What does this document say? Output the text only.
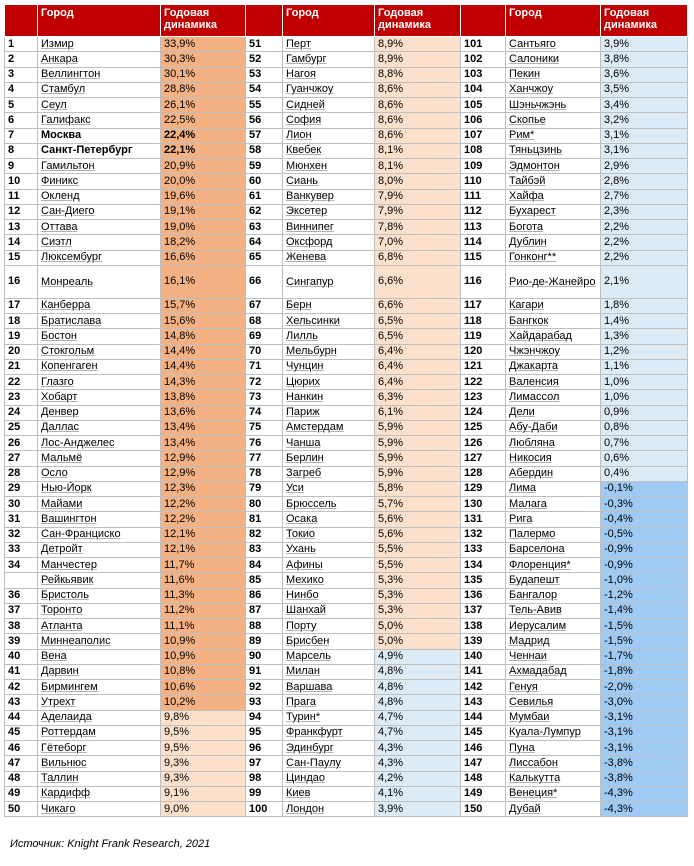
	Город	Годовая динамика		Город	Годовая динамика		Город	Годовая динамика
1	Измир	33,9%	51	Перт	8,9%	101	Сантьяго	3,9%
2	Анкара	30,3%	52	Гамбург	8,9%	102	Салоники	3,8%
3	Веллингтон	30,1%	53	Нагоя	8,8%	103	Пекин	3,6%
4	Стамбул	28,8%	54	Гуанчжоу	8,6%	104	Ханчжоу	3,5%
5	Сеул	26,1%	55	Сидней	8,6%	105	Шэньчжэнь	3,4%
6	Галифакс	22,5%	56	София	8,6%	106	Скопье	3,2%
7	Москва	22,4%	57	Лион	8,6%	107	Рим*	3,1%
8	Санкт-Петербург	22,1%	58	Квебек	8,1%	108	Тяньцзинь	3,1%
9	Гамильтон	20,9%	59	Мюнхен	8,1%	109	Эдмонтон	2,9%
10	Финикс	20,0%	60	Сиань	8,0%	110	Тайбэй	2,8%
11	Окленд	19,6%	61	Ванкувер	7,9%	111	Хайфа	2,7%
12	Сан-Диего	19,1%	62	Эксетер	7,9%	112	Бухарест	2,3%
13	Оттава	19,0%	63	Виннипег	7,8%	113	Богота	2,2%
14	Сиэтл	18,2%	64	Оксфорд	7,0%	114	Дублин	2,2%
15	Люксембург	16,6%	65	Женева	6,8%	115	Гонконг**	2,2%
16	Монреаль	16,1%	66	Сингапур	6,6%	116	Рио-де-Жанейро	2,1%
17	Канберра	15,7%	67	Берн	6,6%	117	Кагари	1,8%
18	Братислава	15,6%	68	Хельсинки	6,5%	118	Бангкок	1,4%
19	Бостон	14,8%	69	Лилль	6,5%	119	Хайдарабад	1,3%
20	Стокгольм	14,4%	70	Мельбурн	6,4%	120	Чжэнчжоу	1,2%
21	Копенгаген	14,4%	71	Чунцин	6,4%	121	Джакарта	1,1%
22	Глазго	14,3%	72	Цюрих	6,4%	122	Валенсия	1,0%
23	Хобарт	13,8%	73	Нанкин	6,3%	123	Лимассол	1,0%
24	Денвер	13,6%	74	Париж	6,1%	124	Дели	0,9%
25	Даллас	13,4%	75	Амстердам	5,9%	125	Абу-Даби	0,8%
26	Лос-Анджелес	13,4%	76	Чанша	5,9%	126	Любляна	0,7%
27	Мальмё	12,9%	77	Берлин	5,9%	127	Никосия	0,6%
28	Осло	12,9%	78	Загреб	5,9%	128	Абердин	0,4%
29	Нью-Йорк	12,3%	79	Уси	5,8%	129	Лима	-0,1%
30	Майами	12,2%	80	Брюссель	5,7%	130	Малага	-0,3%
31	Вашингтон	12,2%	81	Осака	5,6%	131	Рига	-0,4%
32	Сан-Франциско	12,1%	82	Токио	5,6%	132	Палермо	-0,5%
33	Детройт	12,1%	83	Ухань	5,5%	133	Барселона	-0,9%
34	Манчестер	11,7%	84	Афины	5,5%	134	Флоренция*	-0,9%
	Рейкьявик	11,6%	85	Мехико	5,3%	135	Будапешт	-1,0%
36	Бристоль	11,3%	86	Нинбо	5,3%	136	Бангалор	-1,2%
37	Торонто	11,2%	87	Шанхай	5,3%	137	Тель-Авив	-1,4%
38	Атланта	11,1%	88	Порту	5,0%	138	Иерусалим	-1,5%
39	Миннеаполис	10,9%	89	Брисбен	5,0%	139	Мадрид	-1,5%
40	Вена	10,9%	90	Марсель	4,9%	140	Ченнаи	-1,7%
41	Дарвин	10,8%	91	Милан	4,8%	141	Ахмадабад	-1,8%
42	Бирмингем	10,6%	92	Варшава	4,8%	142	Генуя	-2,0%
43	Утрехт	10,2%	93	Прага	4,8%	143	Севилья	-3,0%
44	Аделаида	9,8%	94	Турин*	4,7%	144	Мумбаи	-3,1%
45	Роттердам	9,5%	95	Франкфурт	4,7%	145	Куала-Лумпур	-3,1%
46	Гётеборг	9,5%	96	Эдинбург	4,3%	146	Пуна	-3,1%
47	Вильнюс	9,3%	97	Сан-Паулу	4,3%	147	Лиссабон	-3,8%
48	Таллин	9,3%	98	Циндао	4,2%	148	Калькутта	-3,8%
49	Кардифф	9,1%	99	Киев	4,1%	149	Венеция*	-4,3%
50	Чикаго	9,0%	100	Лондон	3,9%	150	Дубай	-4,3%
Источник: Knight Frank Research, 2021
